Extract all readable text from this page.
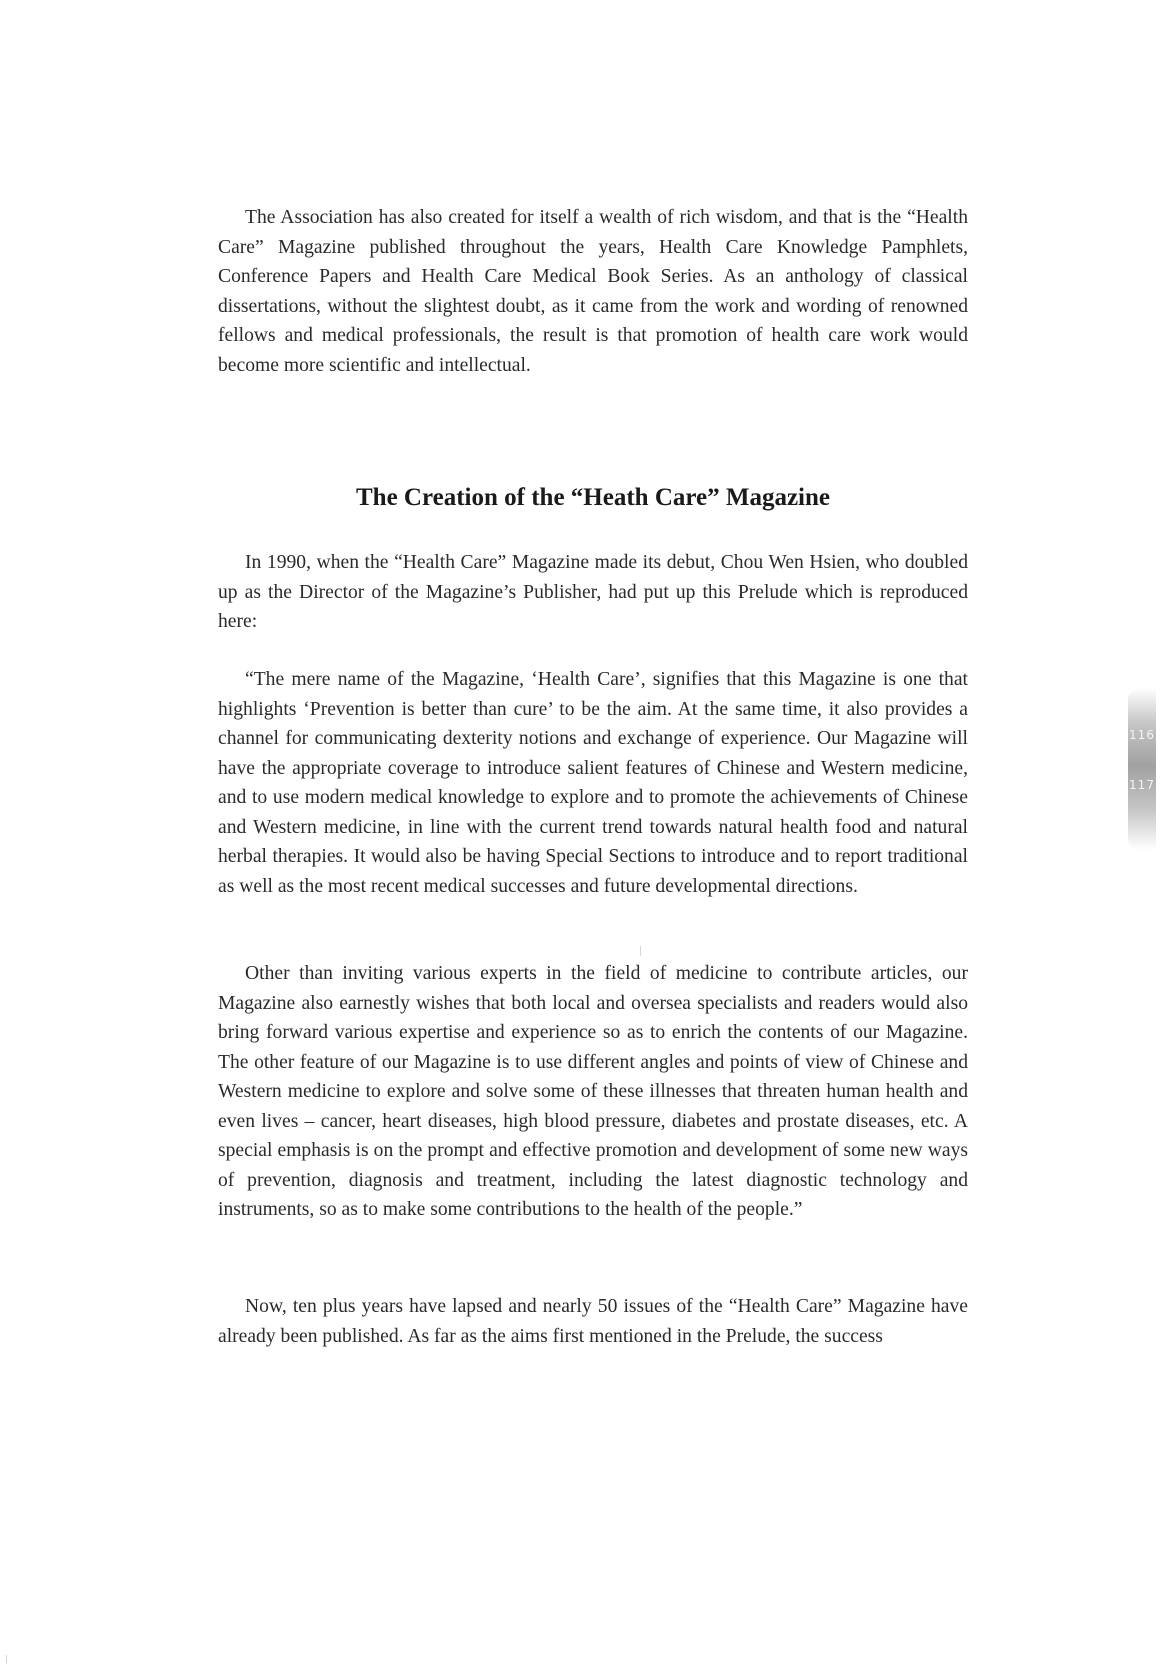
The Association has also created for itself a wealth of rich wisdom, and that is the “Health Care” Magazine published throughout the years, Health Care Knowledge Pamphlets, Conference Papers and Health Care Medical Book Series. As an anthology of classical dissertations, without the slightest doubt, as it came from the work and wording of renowned fellows and medical professionals, the result is that promotion of health care work would become more scientific and intellectual.

The Creation of the “Heath Care” Magazine

In 1990, when the “Health Care” Magazine made its debut, Chou Wen Hsien, who doubled up as the Director of the Magazine’s Publisher, had put up this Prelude which is reproduced here:

“The mere name of the Magazine, ‘Health Care’, signifies that this Magazine is one that highlights ‘Prevention is better than cure’ to be the aim. At the same time, it also provides a channel for communicating dexterity notions and exchange of experience. Our Magazine will have the appropriate coverage to introduce salient features of Chinese and Western medicine, and to use modern medical knowledge to explore and to promote the achievements of Chinese and Western medicine, in line with the current trend towards natural health food and natural herbal therapies. It would also be having Special Sections to introduce and to report traditional as well as the most recent medical successes and future developmental directions.

Other than inviting various experts in the field of medicine to contribute articles, our Magazine also earnestly wishes that both local and oversea specialists and readers would also bring forward various expertise and experience so as to enrich the contents of our Magazine. The other feature of our Magazine is to use different angles and points of view of Chinese and Western medicine to explore and solve some of these illnesses that threaten human health and even lives – cancer, heart diseases, high blood pressure, diabetes and prostate diseases, etc. A special emphasis is on the prompt and effective promotion and development of some new ways of prevention, diagnosis and treatment, including the latest diagnostic technology and instruments, so as to make some contributions to the health of the people.”

Now, ten plus years have lapsed and nearly 50 issues of the “Health Care” Magazine have already been published. As far as the aims first mentioned in the Prelude, the success

116
117
